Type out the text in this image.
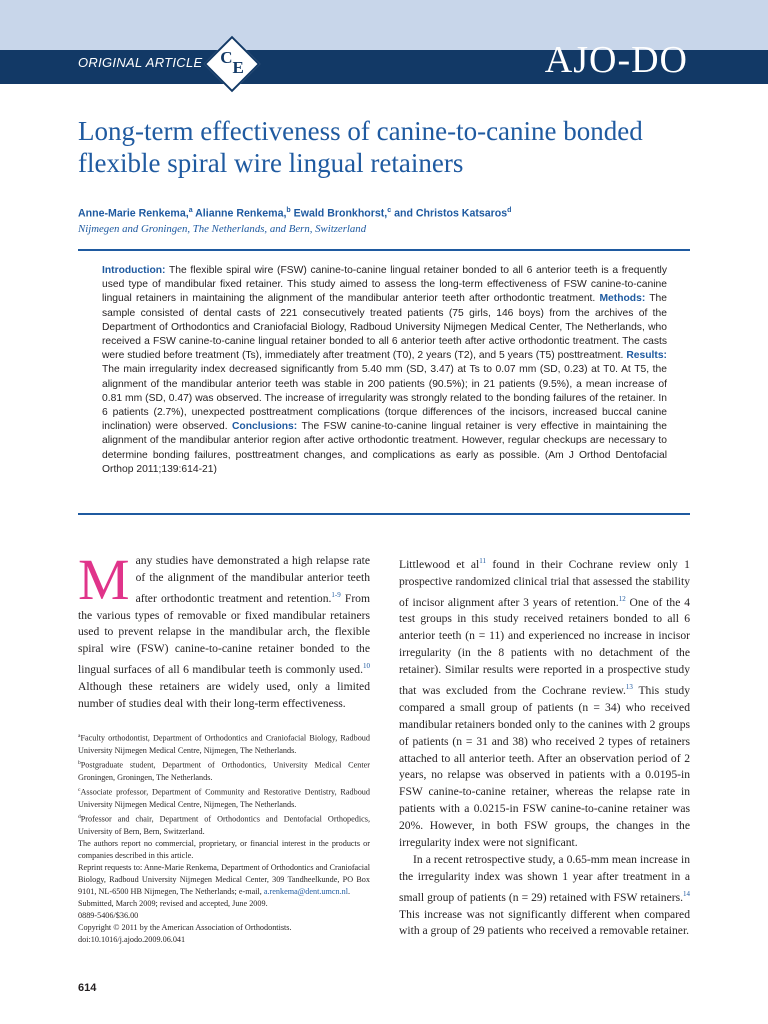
ORIGINAL ARTICLE C
E	AJO-DO
Long-term effectiveness of canine-to-canine bonded flexible spiral wire lingual retainers
Anne-Marie Renkema,$^a$ Alianne Renkema,$^b$ Ewald Bronkhorst,$^c$ and Christos Katsaros$^d$
Nijmegen and Groningen, The Netherlands, and Bern, Switzerland
Introduction: The flexible spiral wire (FSW) canine-to-canine lingual retainer bonded to all 6 anterior teeth is a frequently used type of mandibular fixed retainer. This study aimed to assess the long-term effectiveness of FSW canine-to-canine lingual retainers in maintaining the alignment of the mandibular anterior teeth after orthodontic treatment. Methods: The sample consisted of dental casts of 221 consecutively treated patients (75 girls, 146 boys) from the archives of the Department of Orthodontics and Craniofacial Biology, Radboud University Nijmegen Medical Center, The Netherlands, who received a FSW canine-to-canine lingual retainer bonded to all 6 anterior teeth after active orthodontic treatment. The casts were studied before treatment (Ts), immediately after treatment (T0), 2 years (T2), and 5 years (T5) posttreatment. Results: The main irregularity index decreased significantly from 5.40 mm (SD, 3.47) at Ts to 0.07 mm (SD, 0.23) at T0. At T5, the alignment of the mandibular anterior teeth was stable in 200 patients (90.5%); in 21 patients (9.5%), a mean increase of 0.81 mm (SD, 0.47) was observed. The increase of irregularity was strongly related to the bonding failures of the retainer. In 6 patients (2.7%), unexpected posttreatment complications (torque differences of the incisors, increased buccal canine inclination) were observed. Conclusions: The FSW canine-to-canine lingual retainer is very effective in maintaining the alignment of the mandibular anterior region after active orthodontic treatment. However, regular checkups are necessary to determine bonding failures, posttreatment changes, and complications as early as possible. (Am J Orthod Dentofacial Orthop 2011;139:614-21)
Many studies have demonstrated a high relapse rate of the alignment of the mandibular anterior teeth after orthodontic treatment and retention.$^{1-9}$ From the various types of removable or fixed mandibular retainers used to prevent relapse in the mandibular arch, the flexible spiral wire (FSW) canine-to-canine retainer bonded to the lingual surfaces of all 6 mandibular teeth is commonly used.$^{10}$ Although these retainers are widely used, only a limited number of studies deal with their long-term effectiveness.

$^a$Faculty orthodontist, Department of Orthodontics and Craniofacial Biology, Radboud University Nijmegen Medical Centre, Nijmegen, The Netherlands.

$^b$Postgraduate student, Department of Orthodontics, University Medical Center Groningen, Groningen, The Netherlands.

$^c$Associate professor, Department of Community and Restorative Dentistry, Radboud University Nijmegen Medical Centre, Nijmegen, The Netherlands.

$^d$Professor and chair, Department of Orthodontics and Dentofacial Orthopedics, University of Bern, Bern, Switzerland.

The authors report no commercial, proprietary, or financial interest in the products or companies described in this article.

Reprint requests to: Anne-Marie Renkema, Department of Orthodontics and Craniofacial Biology, Radboud University Nijmegen Medical Center, 309 Tandheelkunde, PO Box 9101, NL-6500 HB Nijmegen, The Netherlands; e-mail, a.renkema@dent.umcn.nl.

Submitted, March 2009; revised and accepted, June 2009.

0889-5406/$36.00

Copyright © 2011 by the American Association of Orthodontists.

doi:10.1016/j.ajodo.2009.06.041

Littlewood et $al^{11}$ found in their Cochrane review only 1 prospective randomized clinical trial that assessed the stability of incisor alignment after 3 years of retention.$^{12}$ One of the 4 test groups in this study received retainers bonded to all 6 anterior teeth (n = 11) and experienced no increase in incisor irregularity (in the 8 patients with no detachment of the retainer). Similar results were reported in a prospective study that was excluded from the Cochrane review.$^{13}$ This study compared a small group of patients (n = 34) who received mandibular retainers bonded only to the canines with 2 groups of patients (n = 31 and 38) who received 2 types of retainers attached to all anterior teeth. After an observation period of 2 years, no relapse was observed in patients with a 0.0195-in FSW canine-to-canine retainer, whereas the relapse rate in patients with a 0.0215-in FSW canine-to-canine retainer was 20%. However, in both FSW groups, the changes in the irregularity index were not significant.

In a recent retrospective study, a 0.65-mm mean increase in the irregularity index was shown 1 year after treatment in a small group of patients (n = 29) retained with FSW retainers.$^{14}$ This increase was not significantly different when compared with a group of 29 patients who received a removable retainer.

614
